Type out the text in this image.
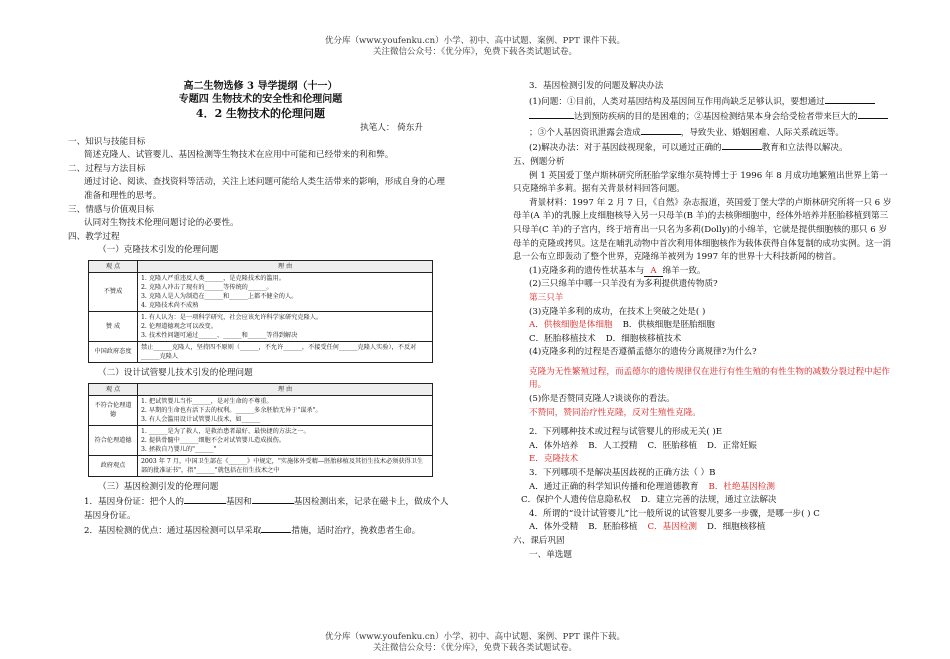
优分库（www.youfenku.cn）小学、初中、高中试题、案例、PPT 课件下载。
关注微信公众号：《优分库》，免费下载各类试题试卷。

高二生物选修 3 导学提纲（十一）

专题四 生物技术的安全性和伦理问题

4．2 生物技术的伦理问题

执笔人： 倚东升

一、知识与技能目标

简述克隆人、试管婴儿、基因检测等生物技术在应用中可能和已经带来的利和弊。

二、过程与方法目标

通过讨论、阅读、查找资料等活动，关注上述问题可能给人类生活带来的影响，形成自身的心理准备和理性的思考。

三、情感与价值观目标

认同对生物技术伦理问题讨论的必要性。

四、教学过程

（一）克隆技术引发的伦理问题

观 点	理 由
不赞成	1. 克隆人严重违反人类______，是克隆技术的滥用。
2. 克隆人冲击了现有的______等传统的______。
3. 克隆人是人为制造在______和______上都不健全的人。
4. 克隆技术尚不成熟

赞 成	1. 有人认为：是一项科学研究，社会应该允许科学家研究克隆人。
2. 伦理道德观念可以改变。
3. 技术性问题可通过______、______和______等得到解决

中国政府态度	禁止______克隆人，坚持四不原则（______，不允许______，不接受任何______克隆人实验），不反对______克隆人

（二）设计试管婴儿技术引发的伦理问题

观 点	理 由
不符合伦理道德	1. 把试管婴儿当作______，是对生命的不尊重。
2. 早期的生命也有活下去的权利。______多余胚胎无异于"谋杀"。
3. 有人会滥用设计试管婴儿技术，如______

符合伦理道德	1. ______是为了救人，是救治患者最好、最快捷的方法之一。
2. 提供骨髓中______细胞不会对试管婴儿造成损伤。
3. 拯救自乃婴儿的"______"

政府观点	2003 年 7 月，中国卫生部在《______》中规定，"实施体外受精—胚胎移植及其衍生技术必须获得卫生部的批准证书"，指"______"就包括在衍生技术之中

（三）基因检测引发的伦理问题

1．基因身份证：把个人的	基因和	基因检测出来，记录在磁卡上，做成个人基因身份证。

2．基因检测的优点：通过基因检测可以早采取	措施，适时治疗，挽救患者生命。

3．基因检测引发的问题及解决办法

(1)问题：①目前，人类对基因结构及基因间互作用尚缺乏足够认识，要想通过
达到预防疾病的目的是困难的；②基因检测结果本身会给受检者带来巨大的；③个人基因资讯泄露会造成	，导致失业、婚姻困难、人际关系疏远等。

(2)解决办法：对于基因歧视现象，可以通过正确的	教育和立法得以解决。

五、例题分析

例 1 英国爱丁堡卢斯林研究所胚胎学家维尔莫特博士于 1996 年 8 月成功地繁殖出世界上第一只克隆绵羊多莉。据有关背景材料回答问题。

背景材料：1997 年 2 月 7 日，《自然》杂志报道，英国爱丁堡大学的卢斯林研究所将一只 6 岁母羊(A 羊)的乳腺上皮细胞核导入另一只母羊(B 羊)的去核卵细胞中，经体外培养并胚胎移植到第三只母羊(C 羊)的子宫内，终于培育出一只名为多莉(Dolly)的小绵羊，它就是提供细胞核的那只 6 岁母羊的克隆或拷贝。这是在哺乳动物中首次利用体细胞核作为载体获得自体复制的成功实例。这一消息一公布立即轰动了整个世界，克隆绵羊被列为 1997 年的世界十大科技新闻的榜首。

(1)克隆多莉的遗传性状基本与 A 绵羊一致。

(2)三只绵羊中哪一只羊没有为多利提供遗传物质?

第三只羊

(3)克隆羊多利的成功，在技术上突破之处是( )

A．供核细胞是体细胞 B．供核细胞是胚胎细胞

C．胚胎移植技术 D．细胞核移植技术

(4)克隆多利的过程是否遵循孟德尔的遗传分离规律?为什么?

克隆为无性繁殖过程，而孟德尔的遗传规律仅在进行有性生殖的有性生物的减数分裂过程中起作用。

(5)你是否赞同克隆人?谈谈你的看法。

不赞同，赞同治疗性克隆，反对生殖性克隆。

2．下列哪种技术或过程与试管婴儿的形成无关( )E

A．体外培养 B．人工授精 C．胚胎移植 D．正常妊娠

E．克隆技术

3．下列哪项不是解决基因歧视的正确方法（ ）B

A．通过正确的科学知识传播和伦理道德教育 B．杜绝基因检测

C．保护个人遗传信息隐私权 D．建立完善的法规，通过立法解决

4．所谓的“设计试管婴儿”比一般所说的试管婴儿要多一步骤，是哪一步( ) C

A．体外受精 B．胚胎移植 C．基因检测 D．细胞核移植

六、课后巩固

一、单选题

优分库（www.youfenku.cn）小学、初中、高中试题、案例、PPT 课件下载。
关注微信公众号：《优分库》，免费下载各类试题试卷。
